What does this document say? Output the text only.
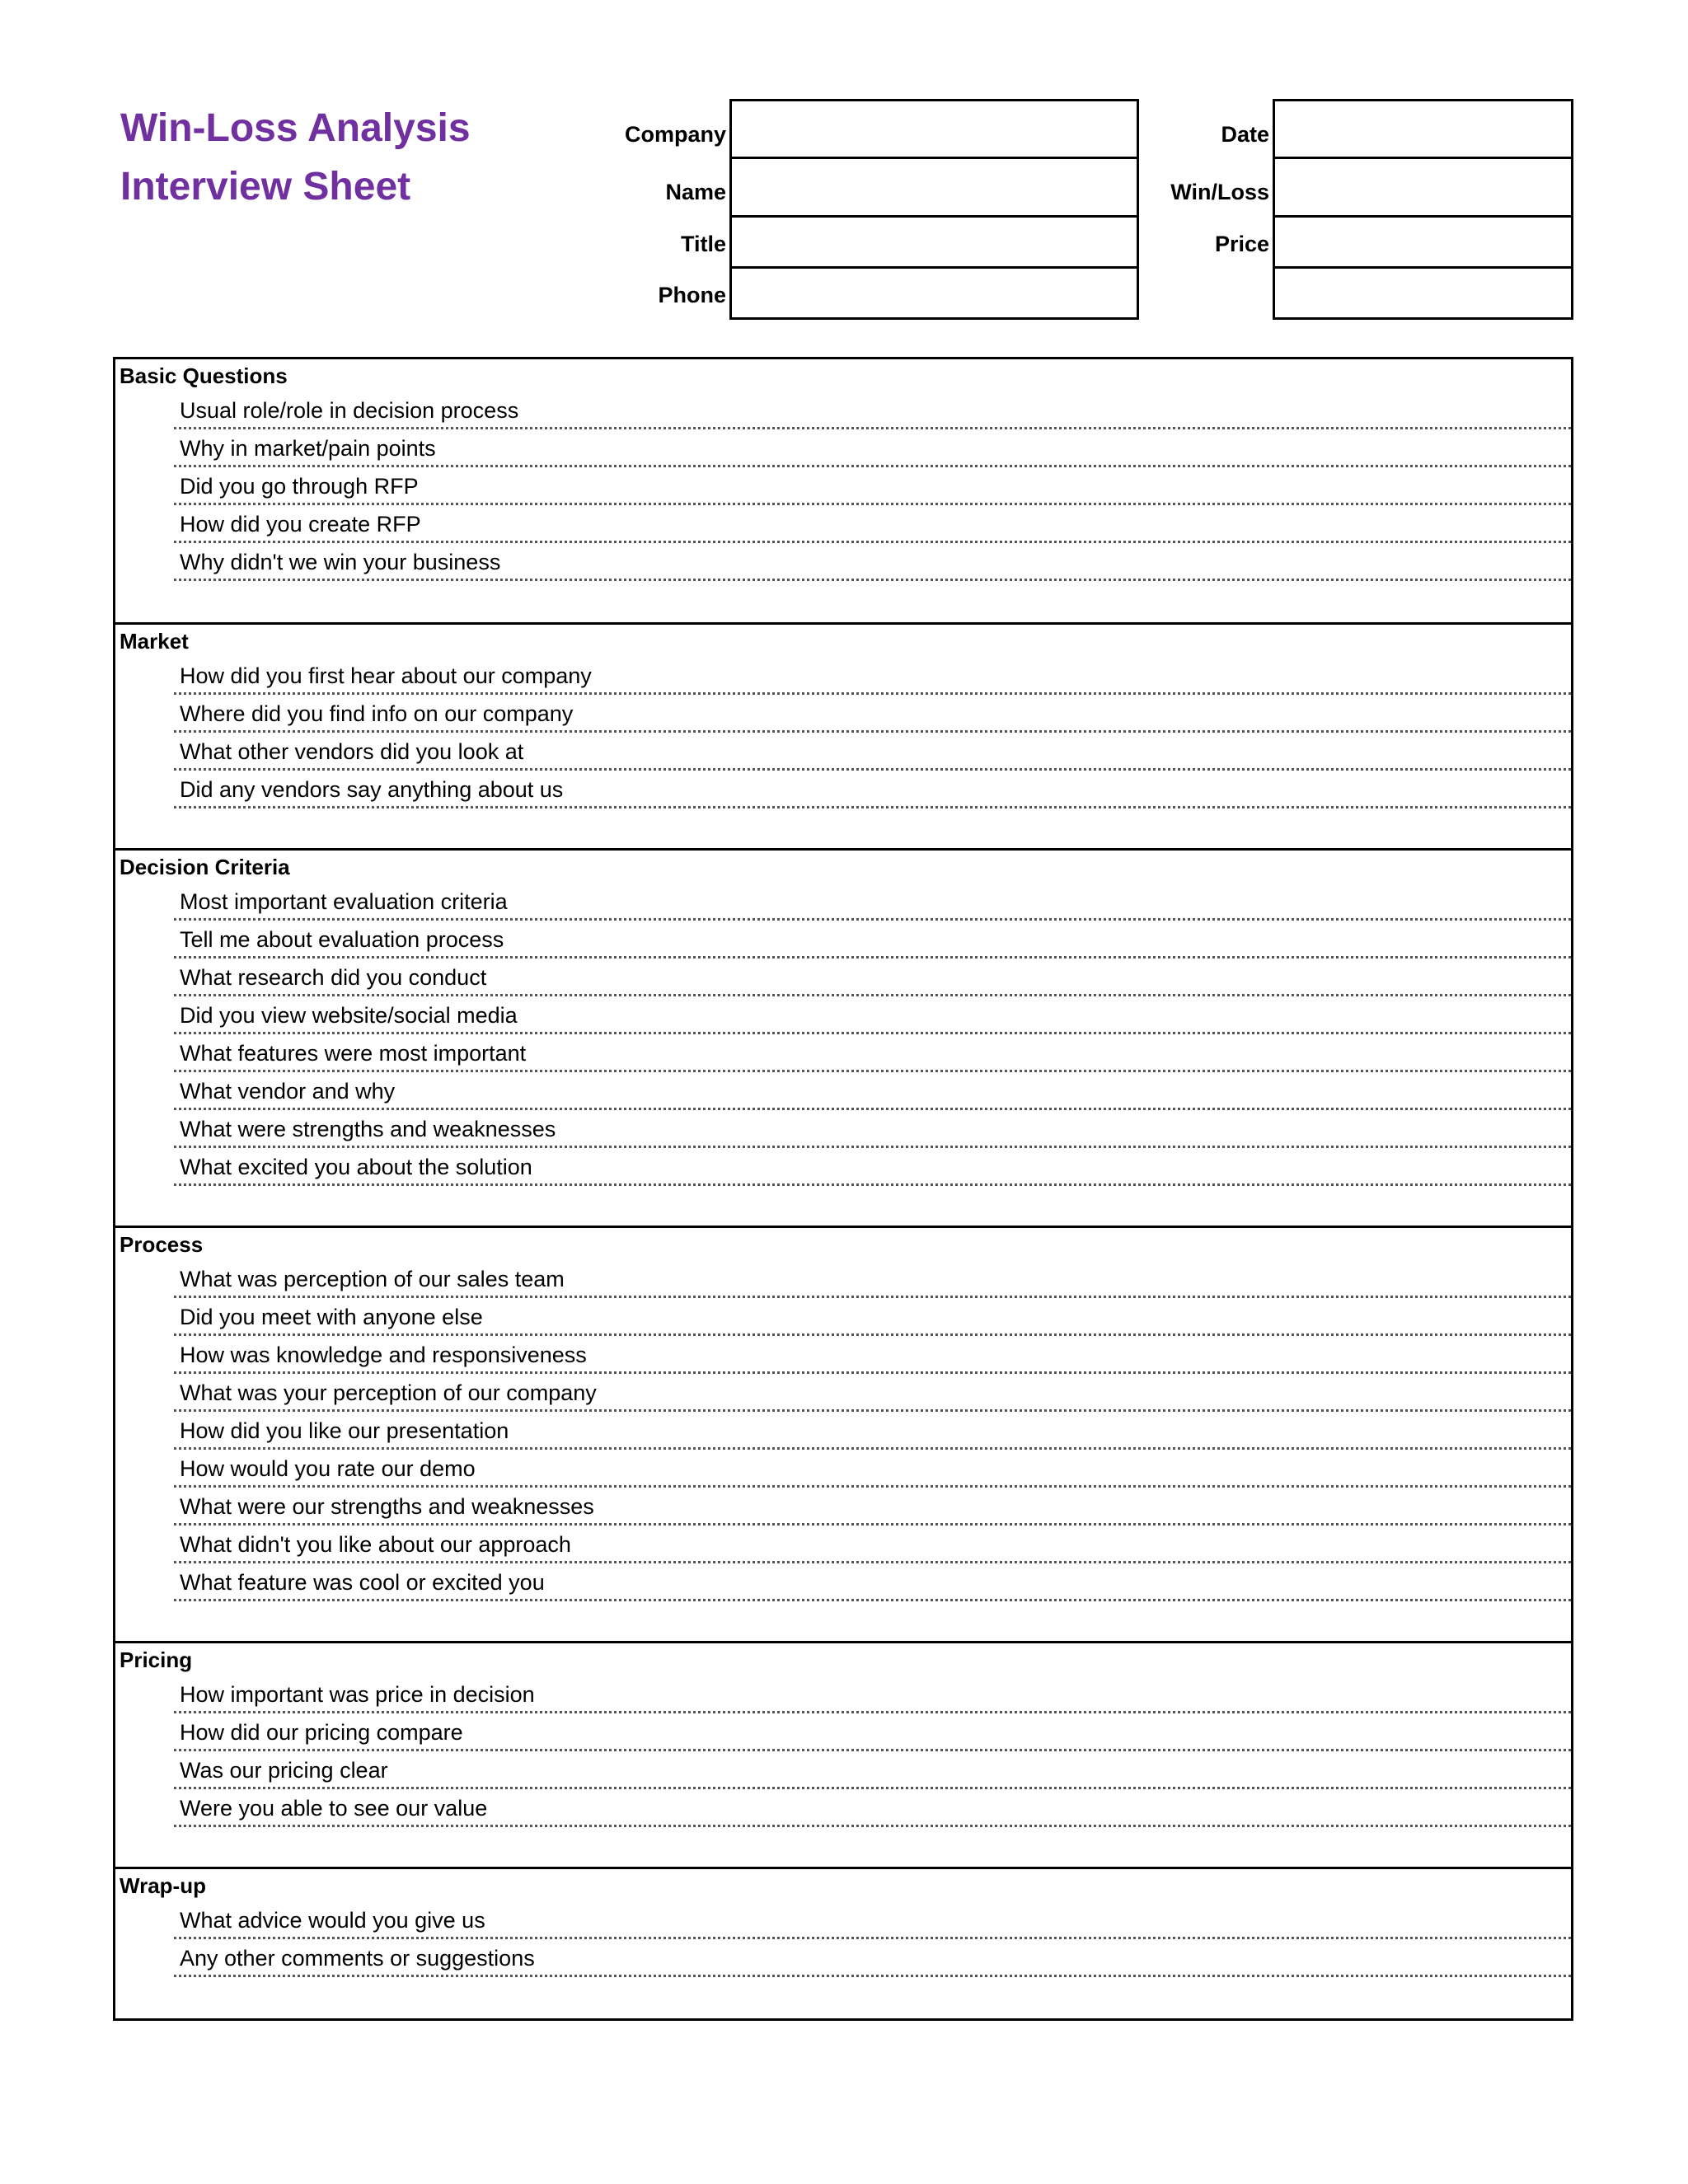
Win-Loss Analysis
Interview Sheet
Company
Name
Title
Phone
Date
Win/Loss
Price
Basic Questions
Usual role/role in decision process
Why in market/pain points
Did you go through RFP
How did you create RFP
Why didn't we win your business
Market
How did you first hear about our company
Where did you find info on our company
What other vendors did you look at
Did any vendors say anything about us
Decision Criteria
Most important evaluation criteria
Tell me about evaluation process
What research did you conduct
Did you view website/social media
What features were most important
What vendor and why
What were strengths and weaknesses
What excited you about the solution
Process
What was perception of our sales team
Did you meet with anyone else
How was knowledge and responsiveness
What was your perception of our company
How did you like our presentation
How would you rate our demo
What were our strengths and weaknesses
What didn't you like about our approach
What feature was cool or excited you
Pricing
How important was price in decision
How did our pricing compare
Was our pricing clear
Were you able to see our value
Wrap-up
What advice would you give us
Any other comments or suggestions
